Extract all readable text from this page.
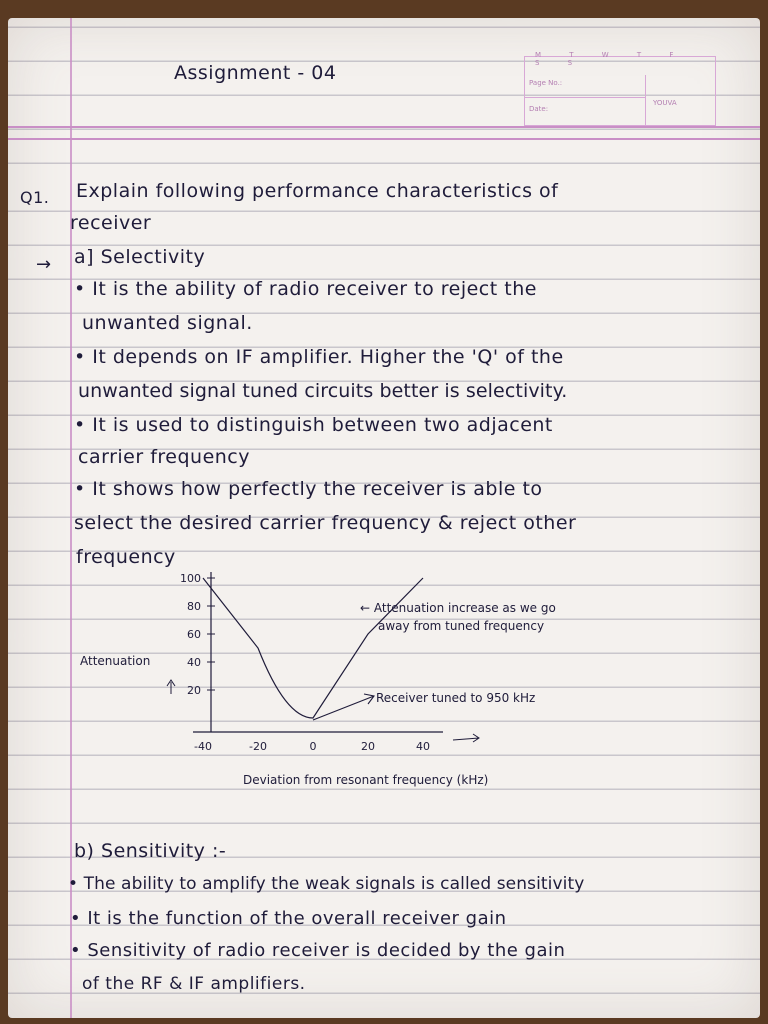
M T W T F S S
Page No.:
Date:
YOUVA
Assignment - 04
Q1. Explain following performance characteristics of
receiver
→ a] Selectivity
• It is the ability of radio receiver to reject the
unwanted signal.
• It depends on IF amplifier. Higher the 'Q' of the
unwanted signal tuned circuits better is selectivity.
• It is used to distinguish between two adjacent
carrier frequency
• It shows how perfectly the receiver is able to
select the desired carrier frequency & reject other
frequency
100
80
60
40
20
-40	-20	0	20	40
Attenuation
Deviation from resonant frequency (kHz)
← Attenuation increase as we go
away from tuned frequency
Receiver tuned to 950 kHz
b) Sensitivity :-
• The ability to amplify the weak signals is called sensitivity
• It is the function of the overall receiver gain
• Sensitivity of radio receiver is decided by the gain
of the RF & IF amplifiers.
